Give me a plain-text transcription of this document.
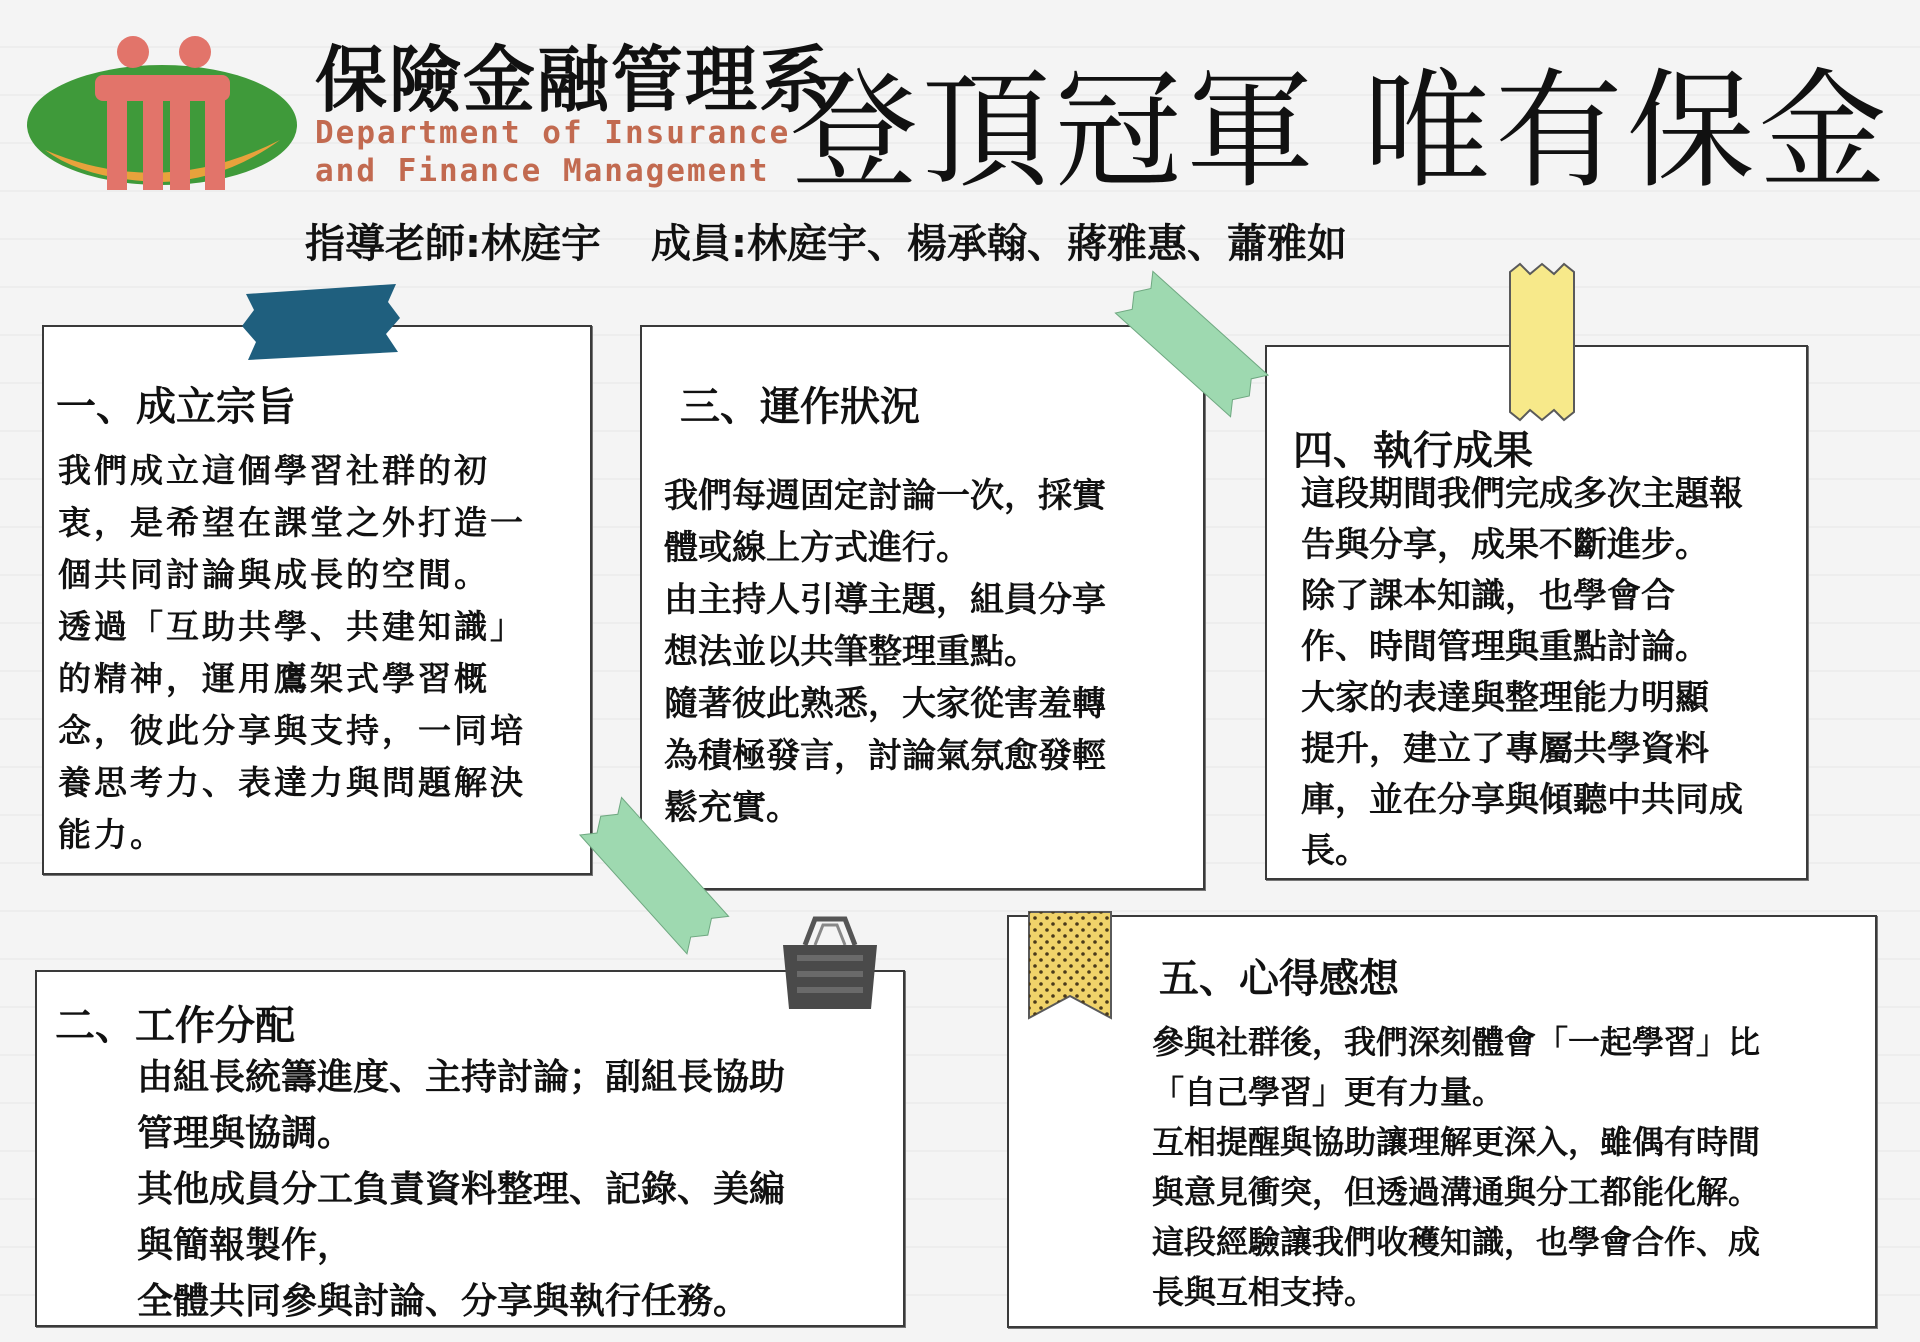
保險金融管理系
Department of Insurance
and Finance Management 登頂冠軍 唯有保金
指導老師:林庭宇 成員:林庭宇、楊承翰、蔣雅惠、蕭雅如
一、成立宗旨

我們成立這個學習社群的初

衷，是希望在課堂之外打造一

個共同討論與成長的空間。

透過「互助共學、共建知識」

的精神，運用鷹架式學習概

念，彼此分享與支持，一同培

養思考力、表達力與問題解決

能力。

三、運作狀況

我們每週固定討論一次，採實

體或線上方式進行。

由主持人引導主題，組員分享

想法並以共筆整理重點。

隨著彼此熟悉，大家從害羞轉

為積極發言，討論氣氛愈發輕

鬆充實。

四、執行成果

這段期間我們完成多次主題報

告與分享，成果不斷進步。

除了課本知識，也學會合

作、時間管理與重點討論。

大家的表達與整理能力明顯

提升，建立了專屬共學資料

庫，並在分享與傾聽中共同成

長。

二、工作分配

由組長統籌進度、主持討論；副組長協助

管理與協調。

其他成員分工負責資料整理、記錄、美編

與簡報製作，

全體共同參與討論、分享與執行任務。

五、心得感想

參與社群後，我們深刻體會「一起學習」比

「自己學習」更有力量。

互相提醒與協助讓理解更深入，雖偶有時間

與意見衝突，但透過溝通與分工都能化解。

這段經驗讓我們收穫知識，也學會合作、成

長與互相支持。
